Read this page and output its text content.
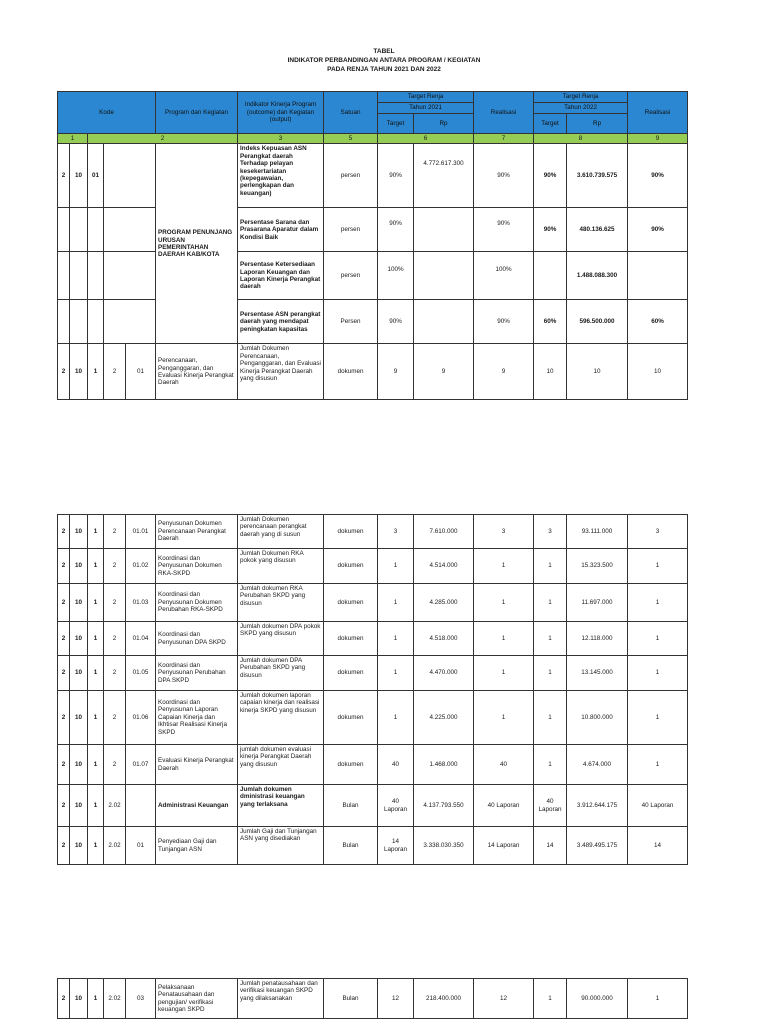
TABEL
INDIKATOR PERBANDINGAN ANTARA PROGRAM / KEGIATAN
PADA RENJA TAHUN 2021 DAN 2022
Kode					Program dan Kegiatan	Indikator Kinerja Program (outcome) dan Kegiatan (output)	Satuan	Target Renja		Realisasi	Target Renja		Realisasi
								Tahun 2021			Tahun 2022		
								Target	Rp		Target	Rp	
1		2				3	5	6		7	8		9
2	10	01			PROGRAM PENUNJANG URUSAN PEMERINTAHAN DAERAH KAB/KOTA	Indeks Kepuasan ASN Perangkat daerah Terhadap pelayan kesekertariatan (kepegawaian, perlengkapan dan keuangan)	persen	90%	4.772.617.300	90%	90%	3.610.739.575	90%
						Persentase Sarana dan Prasarana Aparatur dalam Kondisi Baik	persen	90%		90%	90%	480.136.625	90%
						Persentase Ketersediaan Laporan Keuangan dan Laporan Kinerja Perangkat daerah	persen	100%		100%		1.488.088.300	
						Persentase ASN perangkat daerah yang mendapat peningkatan kapasitas	Persen	90%		90%	60%	596.500.000	60%
2	10	1	2	01	Perencanaan, Penganggaran, dan Evaluasi Kinerja Perangkat Daerah	Jumlah Dokumen Perencanaan, Penganggaran, dan Evaluasi Kinerja Perangkat Daerah yang disusun	dokumen	9	9	9	10	10	10
2	10	1	2	01.01	Penyusunan Dokumen Perencanaan Perangkat Daerah	Jumlah Dokumen perencanaan perangkat daerah yang di susun	dokumen	3	7.610.000	3	3	93.111.000	3
2	10	1	2	01.02	Koordinasi dan Penyusunan Dokumen RKA-SKPD	Jumlah Dokumen RKA pokok yang disusun	dokumen	1	4.514.000	1	1	15.323.500	1
2	10	1	2	01.03	Koordinasi dan Penyusunan Dokumen Perubahan RKA-SKPD	Jumlah dokumen RKA Perubahan SKPD yang disusun	dokumen	1	4.285.000	1	1	11.697.000	1
2	10	1	2	01.04	Koordinasi dan Penyusunan DPA SKPD	Jumlah dokumen DPA pokok SKPD yang disusun	dokumen	1	4.518.000	1	1	12.118.000	1
2	10	1	2	01.05	Koordinasi dan Penyusunan Perubahan DPA SKPD	Jumlah dokumen DPA Perubahan SKPD yang disusun	dokumen	1	4.470.000	1	1	13.145.000	1
2	10	1	2	01.06	Koordinasi dan Penyusunan Laporan Capaian Kinerja dan Ikhtisar Realisasi Kinerja SKPD	Jumlah dokumen laporan capaian kinerja dan realisasi kinerja SKPD yang disusun	dokumen	1	4.225.000	1	1	10.800.000	1
2	10	1	2	01.07	Evaluasi Kinerja Perangkat Daerah	jumlah dokumen evaluasi kinerja Perangkat Daerah yang disusun	dokumen	40	1.468.000	40	1	4.674.000	1
2	10	1	2.02		Administrasi Keuangan	Jumlah dokumen dministrasi keuangan yang terlaksana	Bulan	40 Laporan	4.137.793.550	40 Laporan	40 Laporan	3.912.644.175	40 Laporan
2	10	1	2.02	01	Penyediaan Gaji dan Tunjangan ASN	Jumlah Gaji dan Tunjangan ASN yang disediakan	Bulan	14 Laporan	3.338.030.350	14 Laporan	14	3.489.495.175	14
2	10	1	2.02	03	Pelaksanaan Penatausahaan dan pengujian/ verifikasi keuangan SKPD	Jumlah penatausahaan dan verifikasi keuangan SKPD yang dilaksanakan	Bulan	12	218.400.000	12	1	90.000.000	1
